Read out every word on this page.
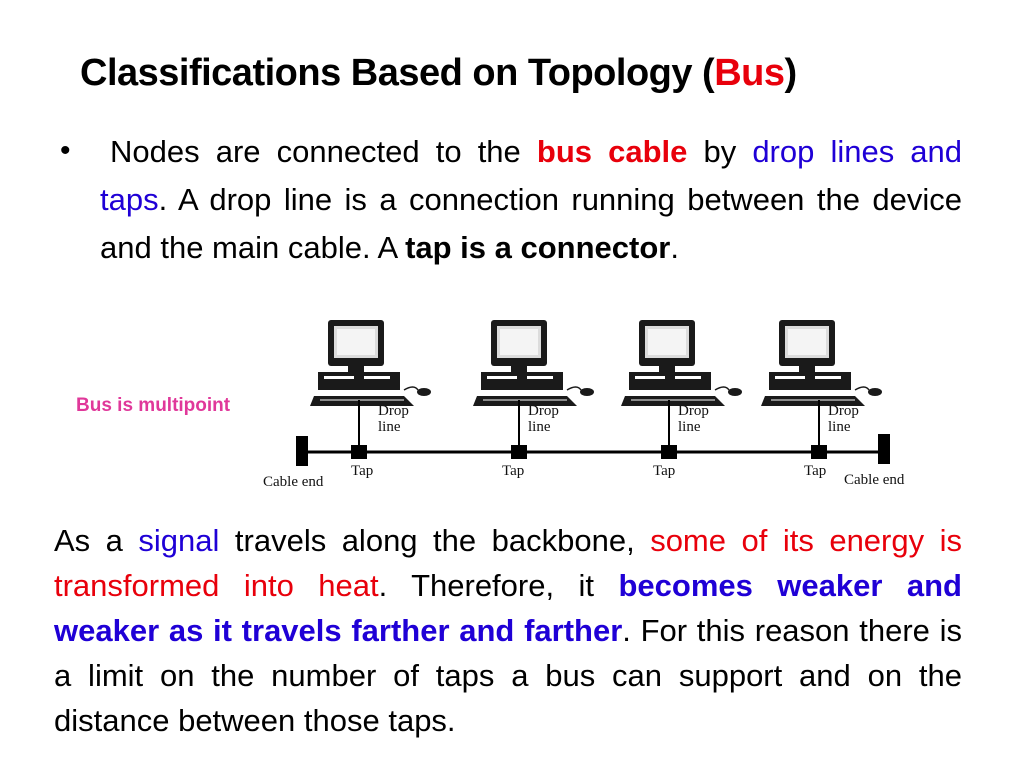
Classifications Based on Topology (Bus)
•	Nodes are connected to the bus cable by drop lines and taps. A drop line is a connection running between the device and the main cable. A tap is a connector.
Bus is multipoint
Cable end	Cable end
Drop
line
Tap
Drop
line
Tap
Drop
line
Tap
Drop
line
Tap
As a signal travels along the backbone, some of its energy is transformed into heat. Therefore, it becomes weaker and weaker as it travels farther and farther. For this reason there is a limit on the number of taps a bus can support and on the distance between those taps.
